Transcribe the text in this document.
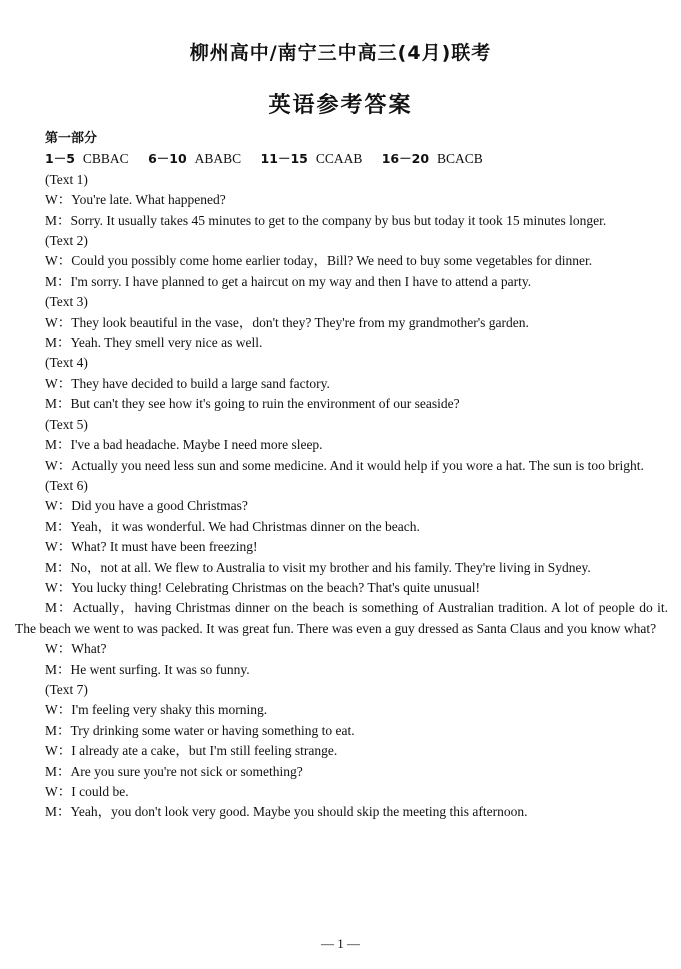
柳州高中/南宁三中高三(4月)联考
英语参考答案
第一部分
1－5 CBBAC 6－10 ABABC 11－15 CCAAB 16－20 BCACB
(Text 1)
W：You're late. What happened?
M：Sorry. It usually takes 45 minutes to get to the company by bus but today it took 15 minutes longer.
(Text 2)
W：Could you possibly come home earlier today，Bill? We need to buy some vegetables for dinner.
M：I'm sorry. I have planned to get a haircut on my way and then I have to attend a party.
(Text 3)
W：They look beautiful in the vase，don't they? They're from my grandmother's garden.
M：Yeah. They smell very nice as well.
(Text 4)
W：They have decided to build a large sand factory.
M：But can't they see how it's going to ruin the environment of our seaside?
(Text 5)
M：I've a bad headache. Maybe I need more sleep.
W：Actually you need less sun and some medicine. And it would help if you wore a hat. The sun is too bright.
(Text 6)
W：Did you have a good Christmas?
M：Yeah，it was wonderful. We had Christmas dinner on the beach.
W：What? It must have been freezing!
M：No，not at all. We flew to Australia to visit my brother and his family. They're living in Sydney.
W：You lucky thing! Celebrating Christmas on the beach? That's quite unusual!
M：Actually，having Christmas dinner on the beach is something of Australian tradition. A lot of people do it. The beach we went to was packed. It was great fun. There was even a guy dressed as Santa Claus and you know what?
W：What?
M：He went surfing. It was so funny.
(Text 7)
W：I'm feeling very shaky this morning.
M：Try drinking some water or having something to eat.
W：I already ate a cake，but I'm still feeling strange.
M：Are you sure you're not sick or something?
W：I could be.
M：Yeah，you don't look very good. Maybe you should skip the meeting this afternoon.
— 1 —
